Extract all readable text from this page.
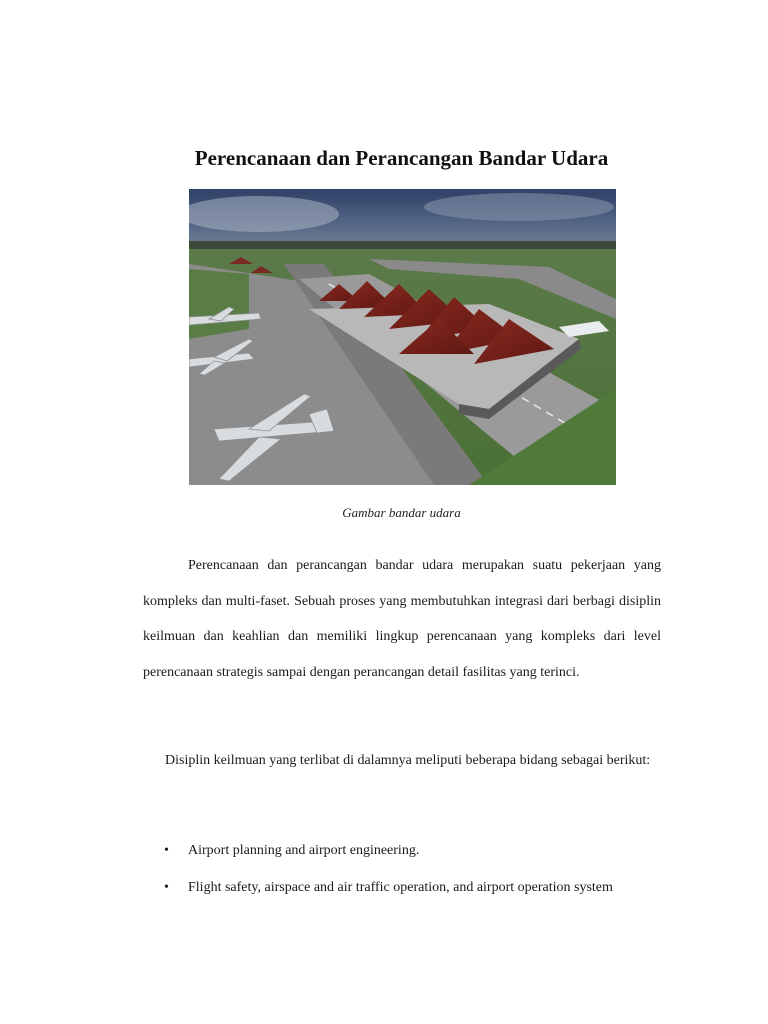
Perencanaan dan Perancangan Bandar Udara
Gambar bandar udara

Perencanaan dan perancangan bandar udara merupakan suatu pekerjaan yang kompleks dan multi-faset. Sebuah proses yang membutuhkan integrasi dari berbagi disiplin keilmuan dan keahlian dan memiliki lingkup perencanaan yang kompleks dari level perencanaan strategis sampai dengan perancangan detail fasilitas yang terinci.

Disiplin keilmuan yang terlibat di dalamnya meliputi beberapa bidang sebagai berikut:

• Airport planning and airport engineering.
• Flight safety, airspace and air traffic operation, and airport operation system
